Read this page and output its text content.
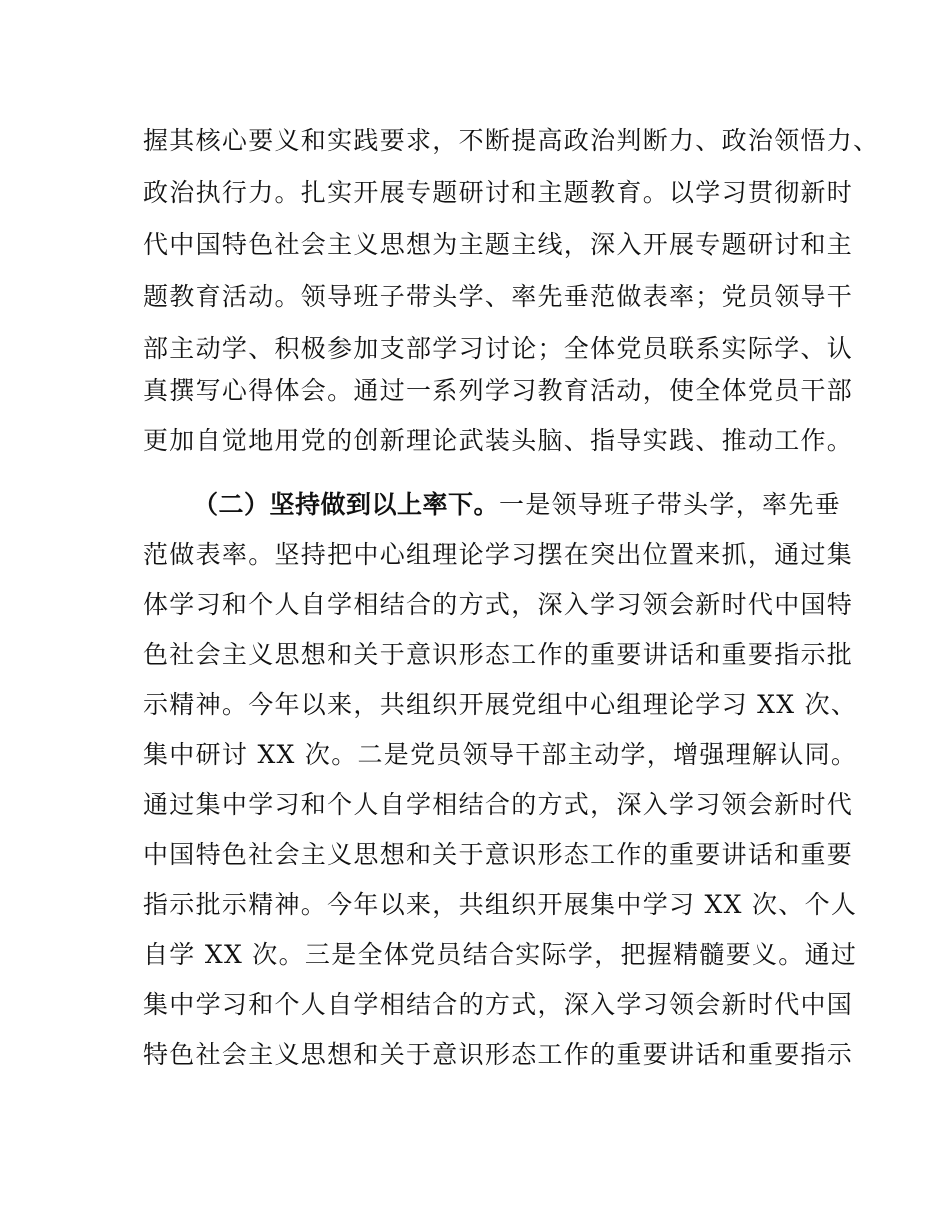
握其核心要义和实践要求，不断提高政治判断力、政治领悟力、
政治执行力。扎实开展专题研讨和主题教育。以学习贯彻新时
代中国特色社会主义思想为主题主线，深入开展专题研讨和主
题教育活动。领导班子带头学、率先垂范做表率；党员领导干
部主动学、积极参加支部学习讨论；全体党员联系实际学、认
真撰写心得体会。通过一系列学习教育活动，使全体党员干部
更加自觉地用党的创新理论武装头脑、指导实践、推动工作。
（二）坚持做到以上率下。一是领导班子带头学，率先垂
范做表率。坚持把中心组理论学习摆在突出位置来抓，通过集
体学习和个人自学相结合的方式，深入学习领会新时代中国特
色社会主义思想和关于意识形态工作的重要讲话和重要指示批
示精神。今年以来，共组织开展党组中心组理论学习 XX 次、
集中研讨 XX 次。二是党员领导干部主动学，增强理解认同。
通过集中学习和个人自学相结合的方式，深入学习领会新时代
中国特色社会主义思想和关于意识形态工作的重要讲话和重要
指示批示精神。今年以来，共组织开展集中学习 XX 次、个人
自学 XX 次。三是全体党员结合实际学，把握精髓要义。通过
集中学习和个人自学相结合的方式，深入学习领会新时代中国
特色社会主义思想和关于意识形态工作的重要讲话和重要指示
